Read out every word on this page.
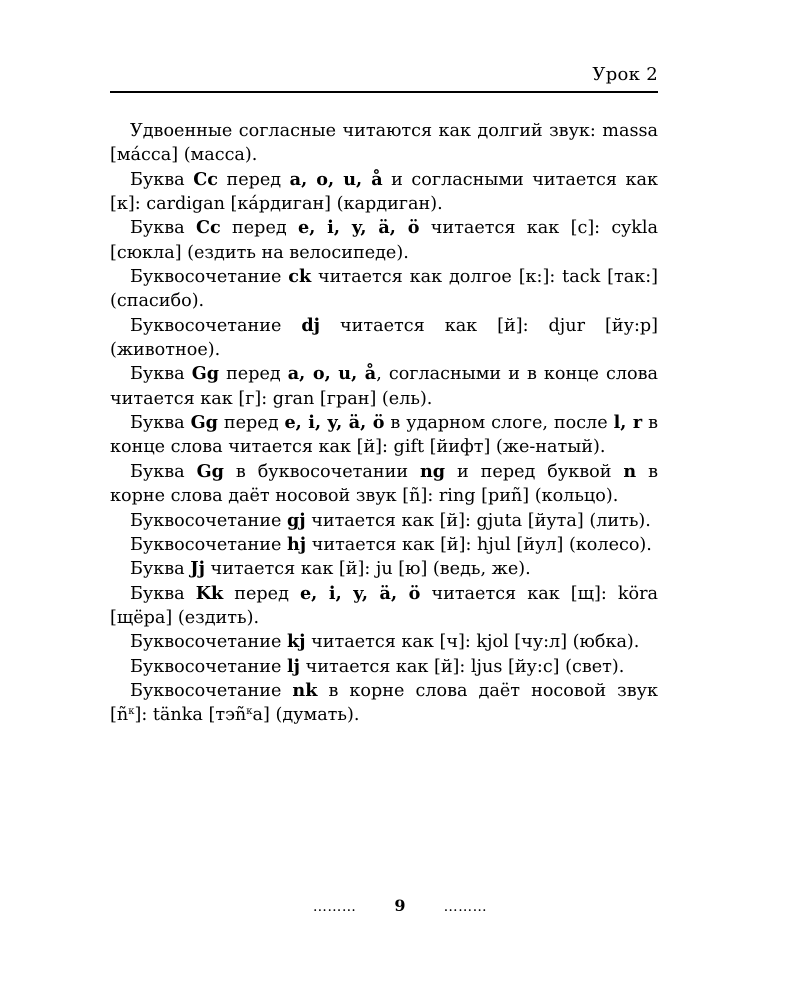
Урок 2

Удвоенные согласные читаются как долгий звук: massa [ма́сса] (масса).

Буква Cc перед a, o, u, å и согласными читается как [к]: cardigan [ка́рдиган] (кардиган).

Буква Cc перед e, i, y, ä, ö читается как [с]: cykla [сюкла] (ездить на велосипеде).

Буквосочетание ck читается как долгое [к:]: tack [так:] (спасибо).

Буквосочетание dj читается как [й]: djur [йу:р] (животное).

Буква Gg перед a, o, u, å, согласными и в конце слова читается как [г]: gran [гран] (ель).

Буква Gg перед e, i, y, ä, ö в ударном слоге, после l, r в конце слова читается как [й]: gift [йифт] (же-натый).

Буква Gg в буквосочетании ng и перед буквой n в корне слова даёт носовой звук [ñ]: ring [риñ] (кольцо).

Буквосочетание gj читается как [й]: gjuta [йута] (лить).

Буквосочетание hj читается как [й]: hjul [йул] (колесо).

Буква Jj читается как [й]: ju [ю] (ведь, же).

Буква Kk перед e, i, y, ä, ö читается как [щ]: köra [щёра] (ездить).

Буквосочетание kj читается как [ч]: kjol [чу:л] (юбка).

Буквосочетание lj читается как [й]: ljus [йу:с] (свет).

Буквосочетание nk в корне слова даёт носовой звук $[ñ^к]$: tänka [тэñ$^к$а] (думать).

……… 9	………
